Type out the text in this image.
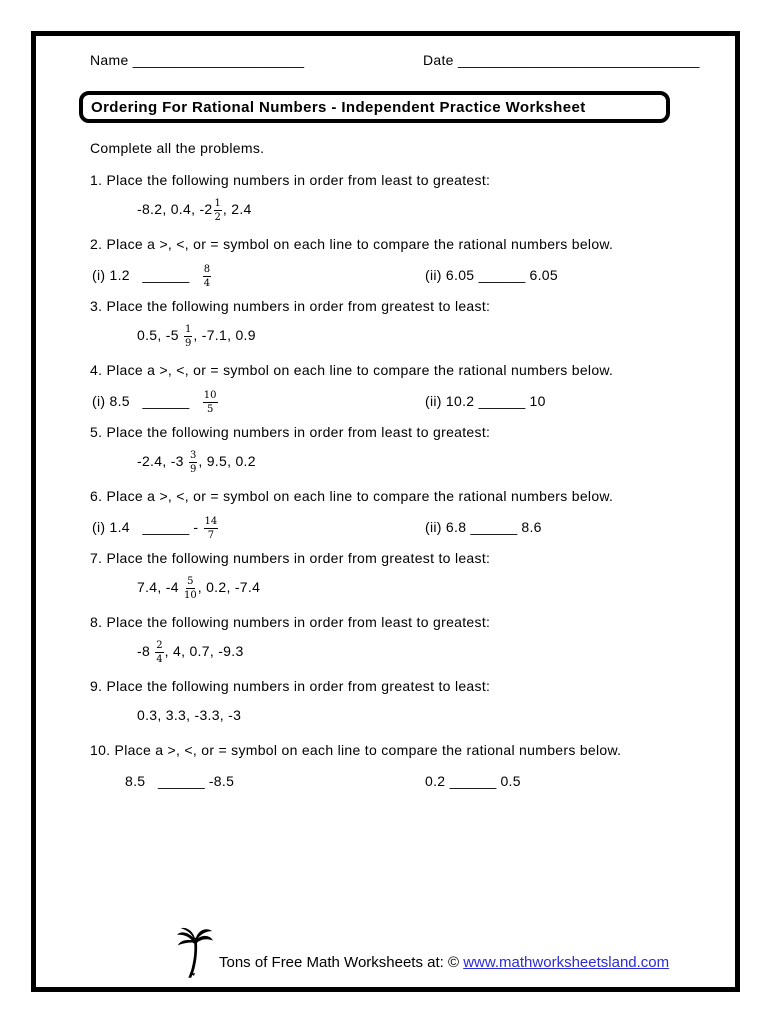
Name ______________________	Date _______________________________
Ordering For Rational Numbers - Independent Practice Worksheet
Complete all the problems.
1. Place the following numbers in order from least to greatest:
-8.2, 0.4, $-2 \frac{1}{2}$ , 2.4
2. Place a >, <, or = symbol on each line to compare the rational numbers below.
(i) 1.2   ______ $\frac{8}{4}$	(ii) 6.05 ______ 6.05
3. Place the following numbers in order from greatest to least:
0.5, $-5 \frac{1}{9}$ , -7.1, 0.9
4. Place a >, <, or = symbol on each line to compare the rational numbers below.
(i) 8.5   ______ $\frac{10}{5}$	(ii) 10.2 ______ 10
5. Place the following numbers in order from least to greatest:
-2.4, $-3 \frac{3}{9}$ , 9.5, 0.2
6. Place a >, <, or = symbol on each line to compare the rational numbers below.
(i) 1.4   ______ - $\frac{14}{7}$	(ii) 6.8 ______ 8.6
7. Place the following numbers in order from greatest to least:
7.4, $-4 \frac{5}{10}$ , 0.2, -7.4
8. Place the following numbers in order from least to greatest:
$-8 \frac{2}{4}$ , 4, 0.7, -9.3
9. Place the following numbers in order from greatest to least:
0.3, 3.3, -3.3, -3
10. Place a >, <, or = symbol on each line to compare the rational numbers below.
8.5   ______ -8.5	0.2 ______ 0.5
Tons of Free Math Worksheets at: © www.mathworksheetsland.com
